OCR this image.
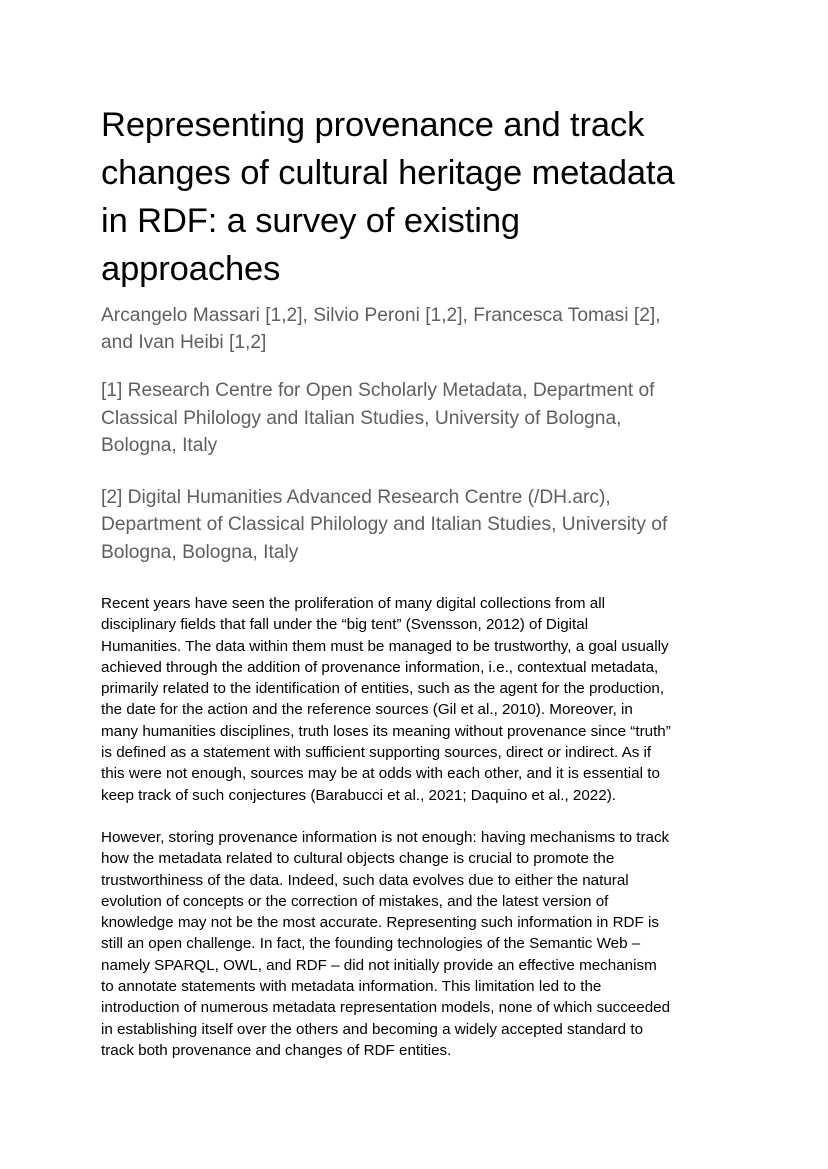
Representing provenance and track
changes of cultural heritage metadata
in RDF: a survey of existing
approaches

Arcangelo Massari [1,2], Silvio Peroni [1,2], Francesca Tomasi [2],
and Ivan Heibi [1,2]

[1] Research Centre for Open Scholarly Metadata, Department of
Classical Philology and Italian Studies, University of Bologna,
Bologna, Italy

[2] Digital Humanities Advanced Research Centre (/DH.arc),
Department of Classical Philology and Italian Studies, University of
Bologna, Bologna, Italy

Recent years have seen the proliferation of many digital collections from all
disciplinary fields that fall under the “big tent” (Svensson, 2012) of Digital
Humanities. The data within them must be managed to be trustworthy, a goal usually
achieved through the addition of provenance information, i.e., contextual metadata,
primarily related to the identification of entities, such as the agent for the production,
the date for the action and the reference sources (Gil et al., 2010). Moreover, in
many humanities disciplines, truth loses its meaning without provenance since “truth”
is defined as a statement with sufficient supporting sources, direct or indirect. As if
this were not enough, sources may be at odds with each other, and it is essential to
keep track of such conjectures (Barabucci et al., 2021; Daquino et al., 2022).

However, storing provenance information is not enough: having mechanisms to track
how the metadata related to cultural objects change is crucial to promote the
trustworthiness of the data. Indeed, such data evolves due to either the natural
evolution of concepts or the correction of mistakes, and the latest version of
knowledge may not be the most accurate. Representing such information in RDF is
still an open challenge. In fact, the founding technologies of the Semantic Web –
namely SPARQL, OWL, and RDF – did not initially provide an effective mechanism
to annotate statements with metadata information. This limitation led to the
introduction of numerous metadata representation models, none of which succeeded
in establishing itself over the others and becoming a widely accepted standard to
track both provenance and changes of RDF entities.
